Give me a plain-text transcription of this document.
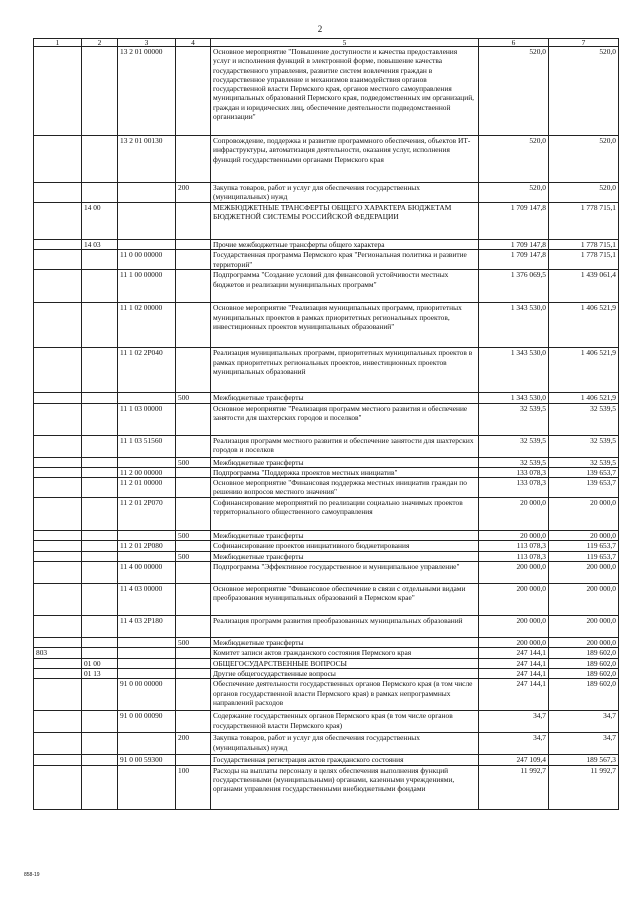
2
1	2	3	4	5	6	7
		13 2 01 00000		Основное мероприятие "Повышение доступности и качества предоставления услуг и исполнения функций в электронной форме, повышение качества государственного управления, развитие систем вовлечения граждан в государственное управление и механизмов взаимодействия органов государственной власти Пермского края, органов местного самоуправления муниципальных образований Пермского края, подведомственных им организаций, граждан и юридических лиц, обеспечение деятельности подведомственной организации"	520,0	520,0
		13 2 01 00130		Сопровождение, поддержка и развитие программного обеспечения, объектов ИТ-инфраструктуры, автоматизация деятельности, оказания услуг, исполнения функций государственными органами Пермского края	520,0	520,0
			200	Закупка товаров, работ и услуг для обеспечения государственных (муниципальных) нужд	520,0	520,0
	14 00			МЕЖБЮДЖЕТНЫЕ ТРАНСФЕРТЫ ОБЩЕГО ХАРАКТЕРА БЮДЖЕТАМ БЮДЖЕТНОЙ СИСТЕМЫ РОССИЙСКОЙ ФЕДЕРАЦИИ	1 709 147,8	1 778 715,1
	14 03			Прочие межбюджетные трансферты общего характера	1 709 147,8	1 778 715,1
		11 0 00 00000		Государственная программа Пермского края "Региональная политика и развитие территорий"	1 709 147,8	1 778 715,1
		11 1 00 00000		Подпрограмма "Создание условий для финансовой устойчивости местных бюджетов и реализации муниципальных программ"	1 376 069,5	1 439 061,4
		11 1 02 00000		Основное мероприятие "Реализация муниципальных программ, приоритетных муниципальных проектов в рамках приоритетных региональных проектов, инвестиционных проектов муниципальных образований"	1 343 530,0	1 406 521,9
		11 1 02 2Р040		Реализация муниципальных программ, приоритетных муниципальных проектов в рамках приоритетных региональных проектов, инвестиционных проектов муниципальных образований	1 343 530,0	1 406 521,9
			500	Межбюджетные трансферты	1 343 530,0	1 406 521,9
		11 1 03 00000		Основное мероприятие "Реализация программ местного развития и обеспечение занятости для шахтерских городов и поселков"	32 539,5	32 539,5
		11 1 03 51560		Реализация программ местного развития и обеспечение занятости для шахтерских городов и поселков	32 539,5	32 539,5
			500	Межбюджетные трансферты	32 539,5	32 539,5
		11 2 00 00000		Подпрограмма "Поддержка проектов местных инициатив"	133 078,3	139 653,7
		11 2 01 00000		Основное мероприятие "Финансовая поддержка местных инициатив граждан по решению вопросов местного значения"	133 078,3	139 653,7
		11 2 01 2Р070		Софинансирование мероприятий по реализации социально значимых проектов территориального общественного самоуправления	20 000,0	20 000,0
			500	Межбюджетные трансферты	20 000,0	20 000,0
		11 2 01 2Р080		Софинансирование проектов инициативного бюджетирования	113 078,3	119 653,7
			500	Межбюджетные трансферты	113 078,3	119 653,7
		11 4 00 00000		Подпрограмма "Эффективное государственное и муниципальное управление"	200 000,0	200 000,0
		11 4 03 00000		Основное мероприятие "Финансовое обеспечение в связи с отдельными видами преобразования муниципальных образований в Пермском крае"	200 000,0	200 000,0
		11 4 03 2Р180		Реализация программ развития преобразованных муниципальных образований	200 000,0	200 000,0
			500	Межбюджетные трансферты	200 000,0	200 000,0
803				Комитет записи актов гражданского состояния Пермского края	247 144,1	189 602,0
	01 00			ОБЩЕГОСУДАРСТВЕННЫЕ ВОПРОСЫ	247 144,1	189 602,0
	01 13			Другие общегосударственные вопросы	247 144,1	189 602,0
		91 0 00 00000		Обеспечение деятельности государственных органов Пермского края (в том числе органов государственной власти Пермского края) в рамках непрограммных направлений расходов	247 144,1	189 602,0
		91 0 00 00090		Содержание государственных органов Пермского края (в том числе органов государственной власти Пермского края)	34,7	34,7
			200	Закупка товаров, работ и услуг для обеспечения государственных (муниципальных) нужд	34,7	34,7
		91 0 00 59300		Государственная регистрация актов гражданского состояния	247 109,4	189 567,3
			100	Расходы на выплаты персоналу в целях обеспечения выполнения функций государственными (муниципальными) органами, казенными учреждениями, органами управления государственными внебюджетными фондами	11 992,7	11 992,7
858-19
